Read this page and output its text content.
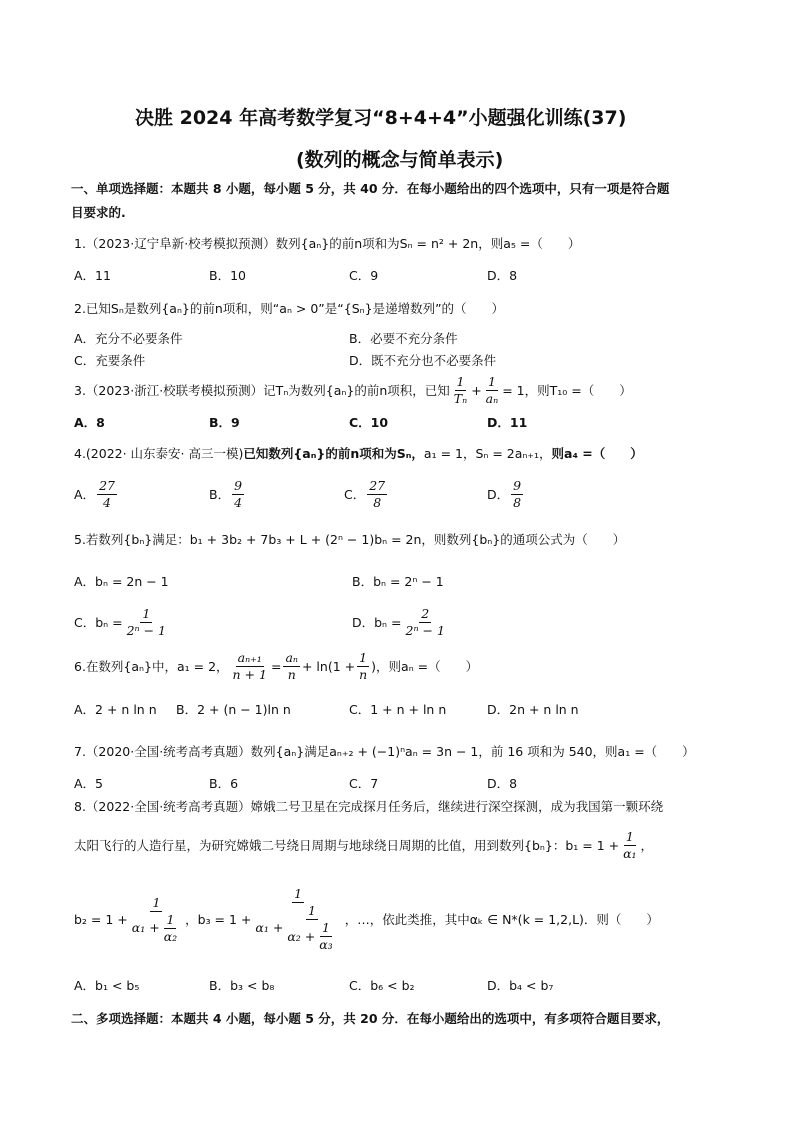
决胜 2024 年高考数学复习“8+4+4”小题强化训练(37)
(数列的概念与简单表示)
一、单项选择题：本题共 8 小题，每小题 5 分，共 40 分．在每小题给出的四个选项中，只有一项是符合题
目要求的.
1.（2023·辽宁阜新·校考模拟预测）数列{aₙ}的前n项和为Sₙ = n² + 2n，则a₅ =（　　）
A．11	B．10	C．9	D．8
2.已知Sₙ是数列{aₙ}的前n项和，则“aₙ > 0”是“{Sₙ}是递增数列”的（　　）
A．充分不必要条件	B．必要不充分条件
C．充要条件	D．既不充分也不必要条件
3.（2023·浙江·校联考模拟预测）记Tₙ为数列{aₙ}的前n项积，已知 $\frac{1}{\text{Tₙ}} + \frac{1}{\text{aₙ}} = 1$，则T₁₀ =（　　）
A．8	B．9	C．10	D．11
4.(2022· 山东泰安· 高三一模)已知数列{aₙ}的前n项和为Sₙ，a₁ = 1，Sₙ = 2aₙ₊₁，则a₄ =（　　）
A． $\frac{27}{4}$	B． $\frac{9}{4}$	C． $\frac{27}{8}$	D． $\frac{9}{8}$
5.若数列{bₙ}满足：b₁ + 3b₂ + 7b₃ + L + (2ⁿ − 1)bₙ = 2n，则数列{bₙ}的通项公式为（　　）
A．bₙ = 2n − 1	B．bₙ = 2ⁿ − 1
C．$b_n = \frac{1}{\text{2ⁿ − 1}}$	D．$b_n = \frac{2}{\text{2ⁿ − 1}}$
6.在数列{aₙ}中，a₁ = 2， $\frac{\text{aₙ₊₁}}{n + 1} = \frac{\text{aₙ}}{n} + \ln(1 + \frac{1}{n}$ )，则aₙ =（　　）
A．2 + n ln n B．2 + (n − 1)ln n	C．1 + n + ln n	D．2n + n ln n
7.（2020·全国·统考高考真题）数列{aₙ}满足aₙ₊₂ + (−1)ⁿaₙ = 3n − 1，前 16 项和为 540，则a₁ =（　　）
A．5	B．6	C．7	D．8
8.（2022·全国·统考高考真题）嫦娥二号卫星在完成探月任务后，继续进行深空探测，成为我国第一颗环绕
太阳飞行的人造行星，为研究嫦娥二号绕日周期与地球绕日周期的比值，用到数列{bₙ}：$b_1 = 1 + \frac{1}{\text{α₁}}$ ，
$b_2 = 1 + \frac{1}{\alpha_1 + \frac{1}{\text{α₂}}}$ ，b₃ = 1 +
1
$\alpha_1 + \frac{1}{\alpha_2 + \frac{1}{\text{α₃}}}$ ，…，依此类推，其中αₖ ∈ N*(k = 1,2,L)．则（　　）
A．b₁ < b₅	B．b₃ < b₈	C．b₆ < b₂	D．b₄ < b₇
二、多项选择题：本题共 4 小题，每小题 5 分，共 20 分．在每小题给出的选项中，有多项符合题目要求，
